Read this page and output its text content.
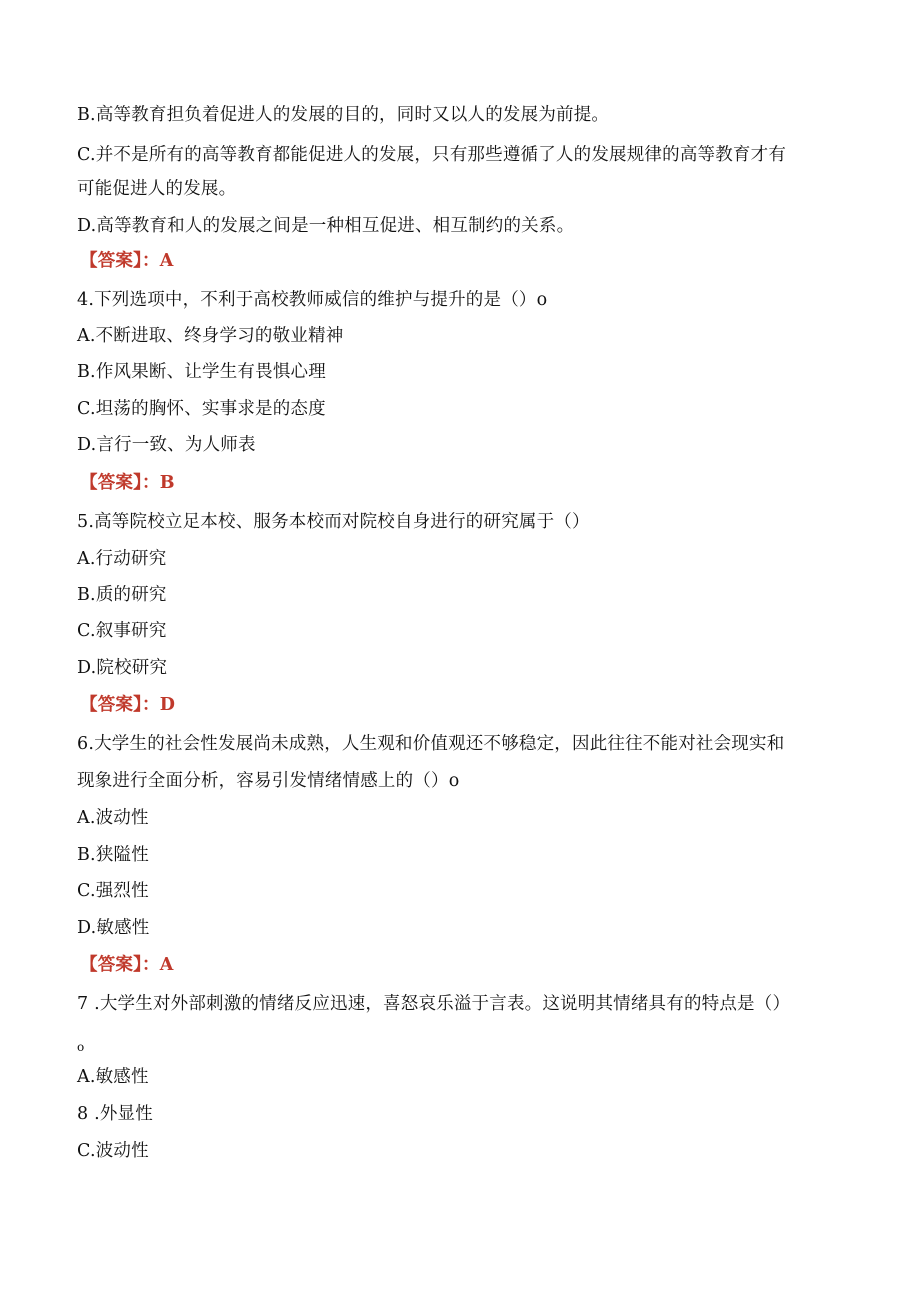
B.高等教育担负着促进人的发展的目的，同时又以人的发展为前提。
C.并不是所有的高等教育都能促进人的发展，只有那些遵循了人的发展规律的高等教育才有
可能促进人的发展。
D.高等教育和人的发展之间是一种相互促进、相互制约的关系。
【答案】：A
4.下列选项中，不利于高校教师威信的维护与提升的是（）o
A.不断进取、终身学习的敬业精神
B.作风果断、让学生有畏惧心理
C.坦荡的胸怀、实事求是的态度
D.言行一致、为人师表
【答案】：B
5.高等院校立足本校、服务本校而对院校自身进行的研究属于（）
A.行动研究
B.质的研究
C.叙事研究
D.院校研究
【答案】：D
6.大学生的社会性发展尚未成熟，人生观和价值观还不够稳定，因此往往不能对社会现实和
现象进行全面分析，容易引发情绪情感上的（）o
A.波动性
B.狭隘性
C.强烈性
D.敏感性
【答案】：A
7 .大学生对外部刺激的情绪反应迅速，喜怒哀乐溢于言表。这说明其情绪具有的特点是（）
o
A.敏感性
8 .外显性
C.波动性
